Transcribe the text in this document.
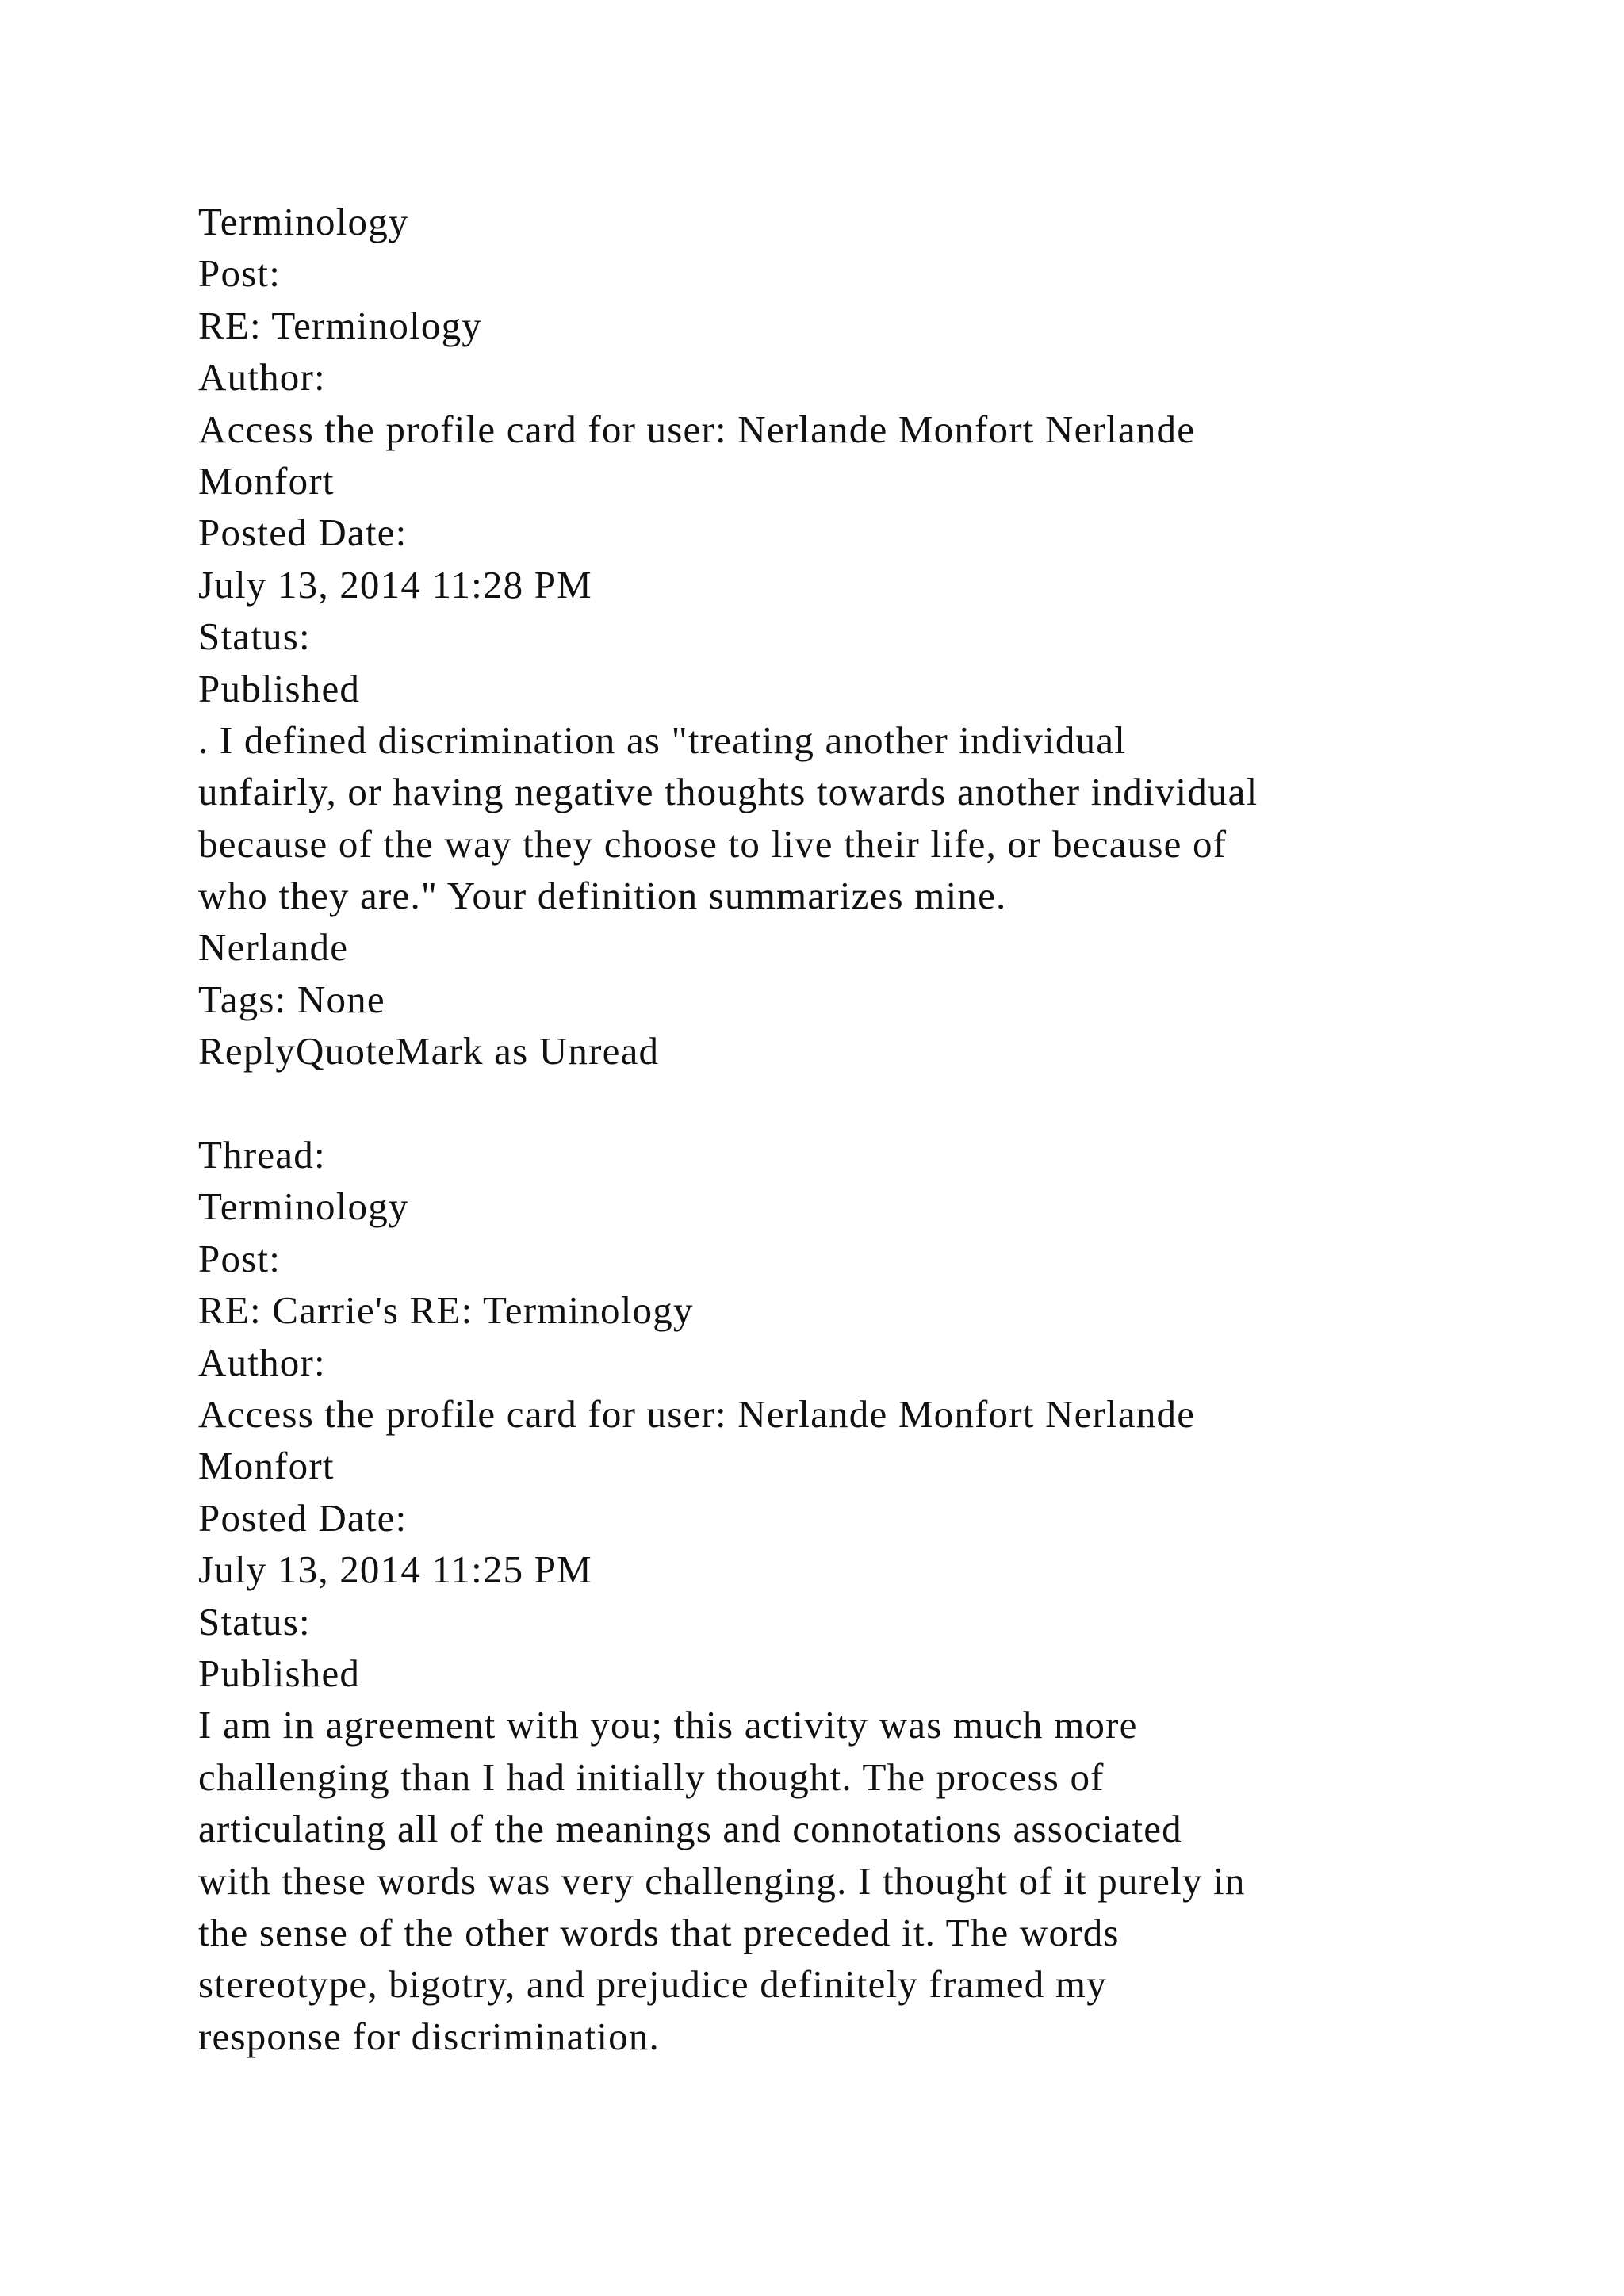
Terminology
Post:
RE: Terminology
Author:
Access the profile card for user: Nerlande Monfort Nerlande
Monfort
Posted Date:
July 13, 2014 11:28 PM
Status:
Published
. I defined discrimination as "treating another individual
unfairly, or having negative thoughts towards another individual
because of the way they choose to live their life, or because of
who they are." Your definition summarizes mine.
Nerlande
Tags: None
ReplyQuoteMark as Unread
Thread:
Terminology
Post:
RE: Carrie's RE: Terminology
Author:
Access the profile card for user: Nerlande Monfort Nerlande
Monfort
Posted Date:
July 13, 2014 11:25 PM
Status:
Published
I am in agreement with you; this activity was much more
challenging than I had initially thought. The process of
articulating all of the meanings and connotations associated
with these words was very challenging. I thought of it purely in
the sense of the other words that preceded it. The words
stereotype, bigotry, and prejudice definitely framed my
response for discrimination.
